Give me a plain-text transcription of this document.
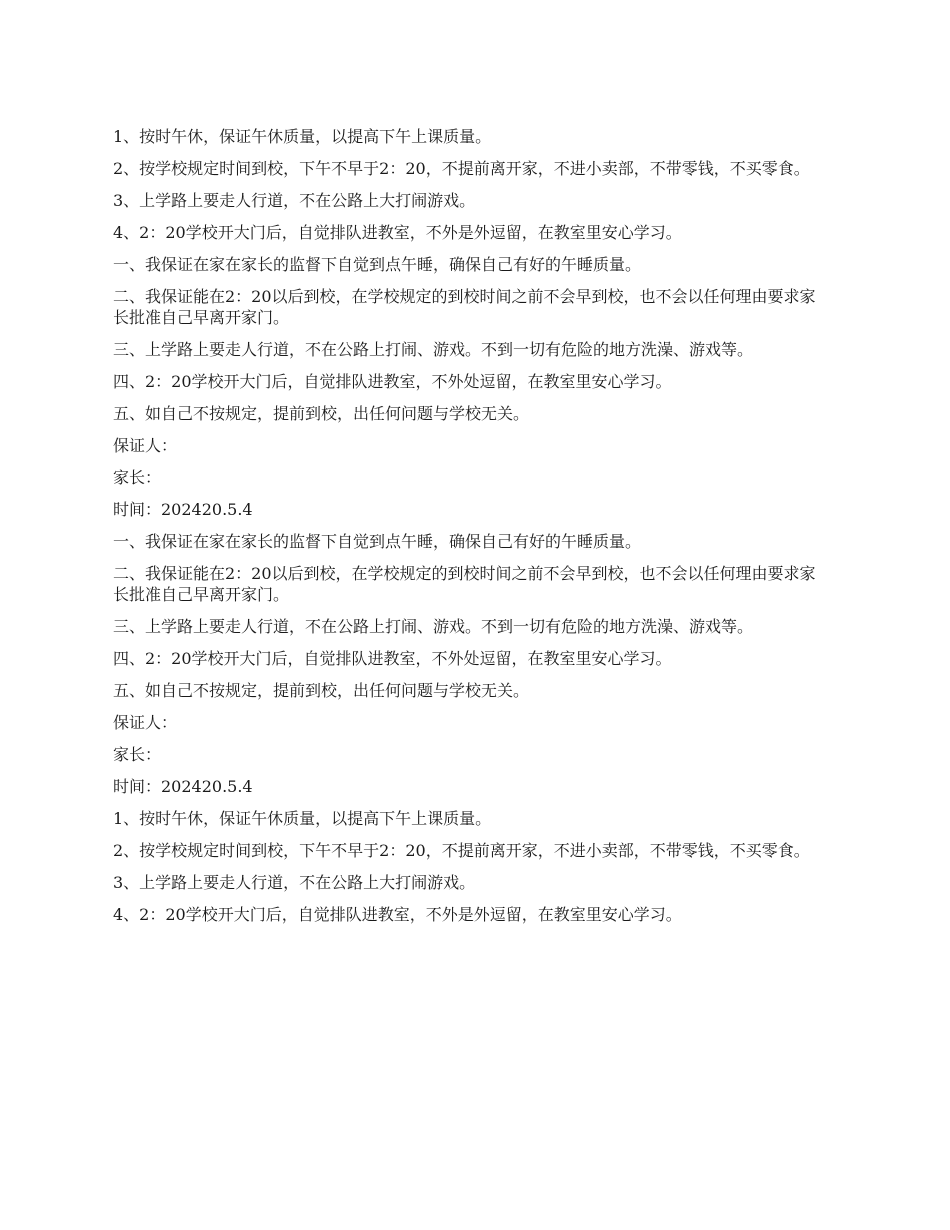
1、按时午休，保证午休质量，以提高下午上课质量。

2、按学校规定时间到校，下午不早于2：20，不提前离开家，不进小卖部，不带零钱，不买零食。

3、上学路上要走人行道，不在公路上大打闹游戏。

4、2：20学校开大门后，自觉排队进教室，不外是外逗留，在教室里安心学习。

一、我保证在家在家长的监督下自觉到点午睡，确保自己有好的午睡质量。

二、我保证能在2：20以后到校，在学校规定的到校时间之前不会早到校，也不会以任何理由要求家长批准自己早离开家门。

三、上学路上要走人行道，不在公路上打闹、游戏。不到一切有危险的地方洗澡、游戏等。

四、2：20学校开大门后，自觉排队进教室，不外处逗留，在教室里安心学习。

五、如自己不按规定，提前到校，出任何问题与学校无关。

保证人：

家长：

时间：202420.5.4

一、我保证在家在家长的监督下自觉到点午睡，确保自己有好的午睡质量。

二、我保证能在2：20以后到校，在学校规定的到校时间之前不会早到校，也不会以任何理由要求家长批准自己早离开家门。

三、上学路上要走人行道，不在公路上打闹、游戏。不到一切有危险的地方洗澡、游戏等。

四、2：20学校开大门后，自觉排队进教室，不外处逗留，在教室里安心学习。

五、如自己不按规定，提前到校，出任何问题与学校无关。

保证人：

家长：

时间：202420.5.4

1、按时午休，保证午休质量，以提高下午上课质量。

2、按学校规定时间到校，下午不早于2：20，不提前离开家，不进小卖部，不带零钱，不买零食。

3、上学路上要走人行道，不在公路上大打闹游戏。

4、2：20学校开大门后，自觉排队进教室，不外是外逗留，在教室里安心学习。
